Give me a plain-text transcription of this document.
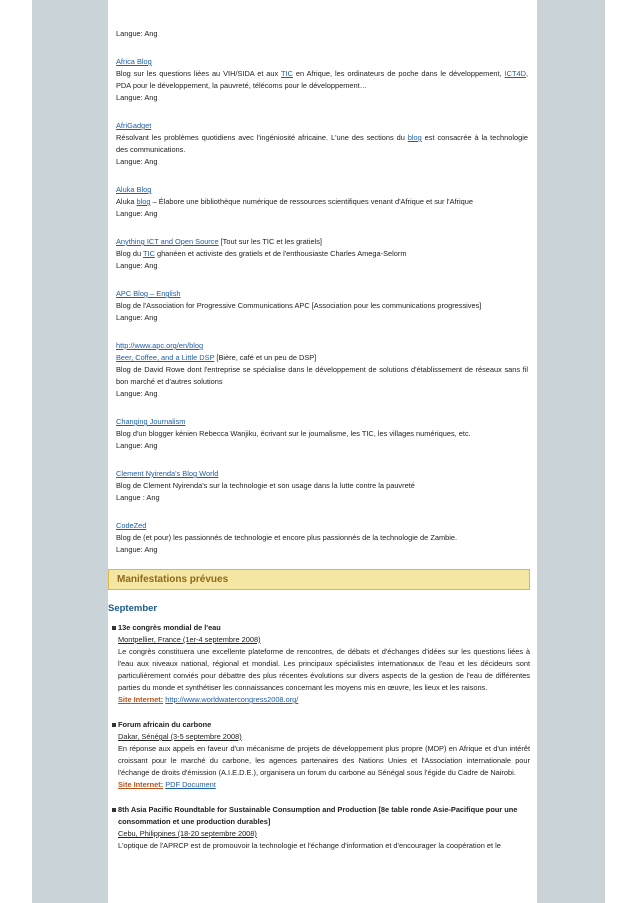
Langue: Ang
Africa Blog
Blog sur les questions liées au VIH/SIDA et aux TIC en Afrique, les ordinateurs de poche dans le développement, ICT4D, PDA pour le développement, la pauvreté, télécoms pour le développement…
Langue: Ang
AfriGadget
Résolvant les problèmes quotidiens avec l'ingéniosité africaine. L'une des sections du blog est consacrée à la technologie des communications.
Langue: Ang
Aluka Blog
Aluka blog – Élabore une bibliothèque numérique de ressources scientifiques venant d'Afrique et sur l'Afrique
Langue: Ang
Anything ICT and Open Source [Tout sur les TIC et les gratiels]
Blog du TIC ghanéen et activiste des gratiels et de l'enthousiaste Charles Amega-Selorm
Langue: Ang
APC Blog – English
Blog de l'Association for Progressive Communications APC [Association pour les communications progressives]
Langue: Ang
http://www.apc.org/en/blog
Beer, Coffee, and a Little DSP [Bière, café et un peu de DSP]
Blog de David Rowe dont l'entreprise se spécialise dans le développement de solutions d'établissement de réseaux sans fil bon marché et d'autres solutions
Langue: Ang
Changing Journalism
Blog d'un blogger kénien Rebecca Wanjiku, écrivant sur le journalisme, les TIC, les villages numériques, etc.
Langue: Ang
Clement Nyirenda's Blog World
Blog de Clement Nyirenda's sur la technologie et son usage dans la lutte contre la pauvreté
Langue : Ang
CodeZed
Blog de (et pour) les passionnés de technologie et encore plus passionnés de la technologie de Zambie.
Langue: Ang
Manifestations prévues
September
13e congrès mondial de l'eau
Montpellier, France (1er-4 septembre 2008)
Le congrès constituera une excellente plateforme de rencontres, de débats et d'échanges d'idées sur les questions liées à l'eau aux niveaux national, régional et mondial. Les principaux spécialistes internationaux de l'eau et les décideurs sont particulièrement conviés pour débattre des plus récentes évolutions sur divers aspects de la gestion de l'eau de différentes parties du monde et synthétiser les connaissances concernant les moyens mis en œuvre, les lieux et les raisons.
Site Internet: http://www.worldwatercongress2008.org/
Forum africain du carbone
Dakar, Sénégal (3-5 septembre 2008)
En réponse aux appels en faveur d'un mécanisme de projets de développement plus propre (MDP) en Afrique et d'un intérêt croissant pour le marché du carbone, les agences partenaires des Nations Unies et l'Association internationale pour l'échange de droits d'émission (A.I.E.D.E.), organisera un forum du carbone au Sénégal sous l'égide du Cadre de Nairobi.
Site Internet: PDF Document
8th Asia Pacific Roundtable for Sustainable Consumption and Production [8e table ronde Asie-Pacifique pour une consommation et une production durables]
Cebu, Philippines (18-20 septembre 2008)
L'optique de l'APRCP est de promouvoir la technologie et l'échange d'information et d'encourager la coopération et le
